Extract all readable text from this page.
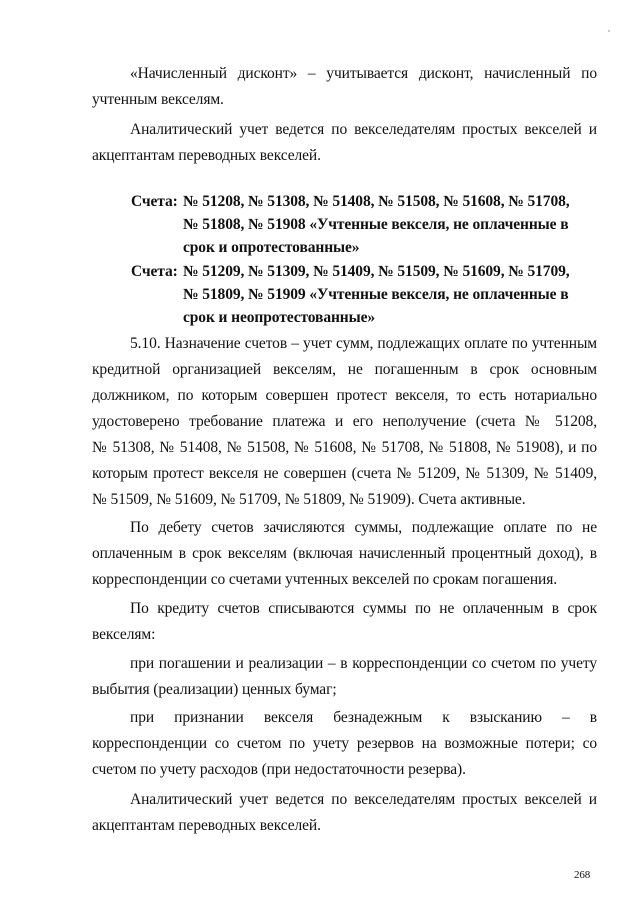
«Начисленный дисконт» – учитывается дисконт, начисленный по
учтенным векселям.
Аналитический учет ведется по векселедателям простых векселей и
акцептантам переводных векселей.
Счета: № 51208, № 51308, № 51408, № 51508, № 51608, № 51708,
№ 51808, № 51908 «Учтенные векселя, не оплаченные в
срок и опротестованные»
Счета: № 51209, № 51309, № 51409, № 51509, № 51609, № 51709,
№ 51809, № 51909 «Учтенные векселя, не оплаченные в
срок и неопротестованные»
5.10. Назначение счетов – учет сумм, подлежащих оплате по учтенным
кредитной организацией векселям, не погашенным в срок основным
должником, по которым совершен протест векселя, то есть нотариально
удостоверено требование платежа и его неполучение (счета № 51208,
№ 51308, № 51408, № 51508, № 51608, № 51708, № 51808, № 51908), и по
которым протест векселя не совершен (счета № 51209, № 51309, № 51409,
№ 51509, № 51609, № 51709, № 51809, № 51909). Счета активные.
По дебету счетов зачисляются суммы, подлежащие оплате по не
оплаченным в срок векселям (включая начисленный процентный доход), в
корреспонденции со счетами учтенных векселей по срокам погашения.
По кредиту счетов списываются суммы по не оплаченным в срок
векселям:
при погашении и реализации – в корреспонденции со счетом по учету
выбытия (реализации) ценных бумаг;
при признании векселя безнадежным к взысканию – в
корреспонденции со счетом по учету резервов на возможные потери; со
счетом по учету расходов (при недостаточности резерва).
Аналитический учет ведется по векселедателям простых векселей и
акцептантам переводных векселей.
268
